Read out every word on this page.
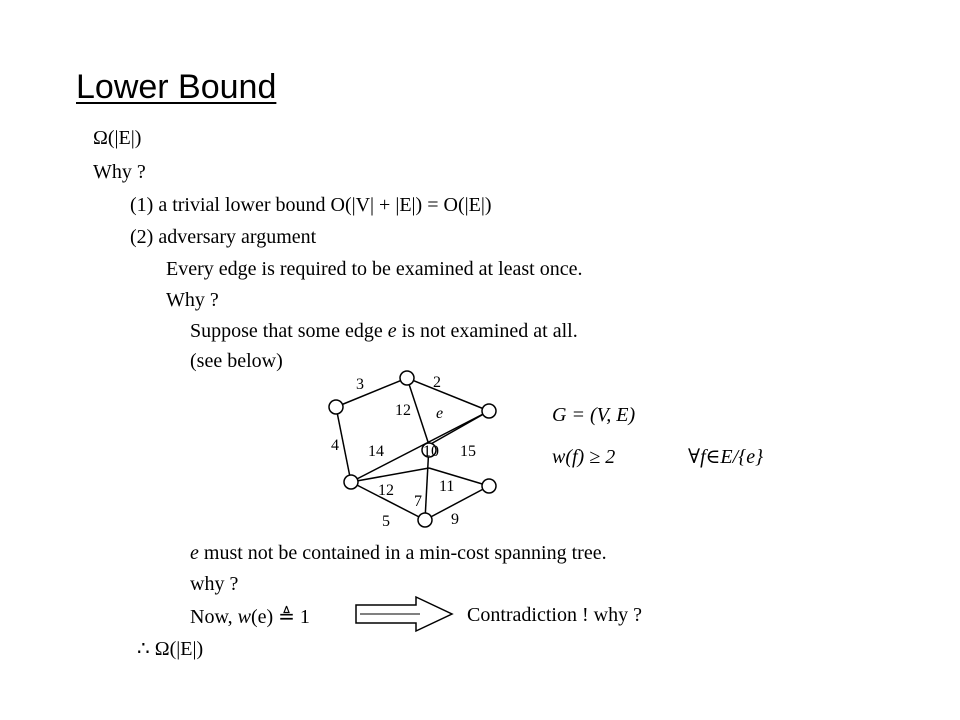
Lower Bound
Ω(|E|)
Why ?
(1) a trivial lower bound O(|V| + |E|) = O(|E|)
(2) adversary argument
Every edge is required to be examined at least once.
Why ?
Suppose that some edge e is not examined at all.
(see below)
3	2
12 e
4 14 10 15
12	11
7
5	9
G = (V, E)
w(f) ≥ 2	∀f∈E/{e}
e must not be contained in a min-cost spanning tree.
why ?
Now, w(e) ≜ 1	Contradiction ! why ?
∴ Ω(|E|)
